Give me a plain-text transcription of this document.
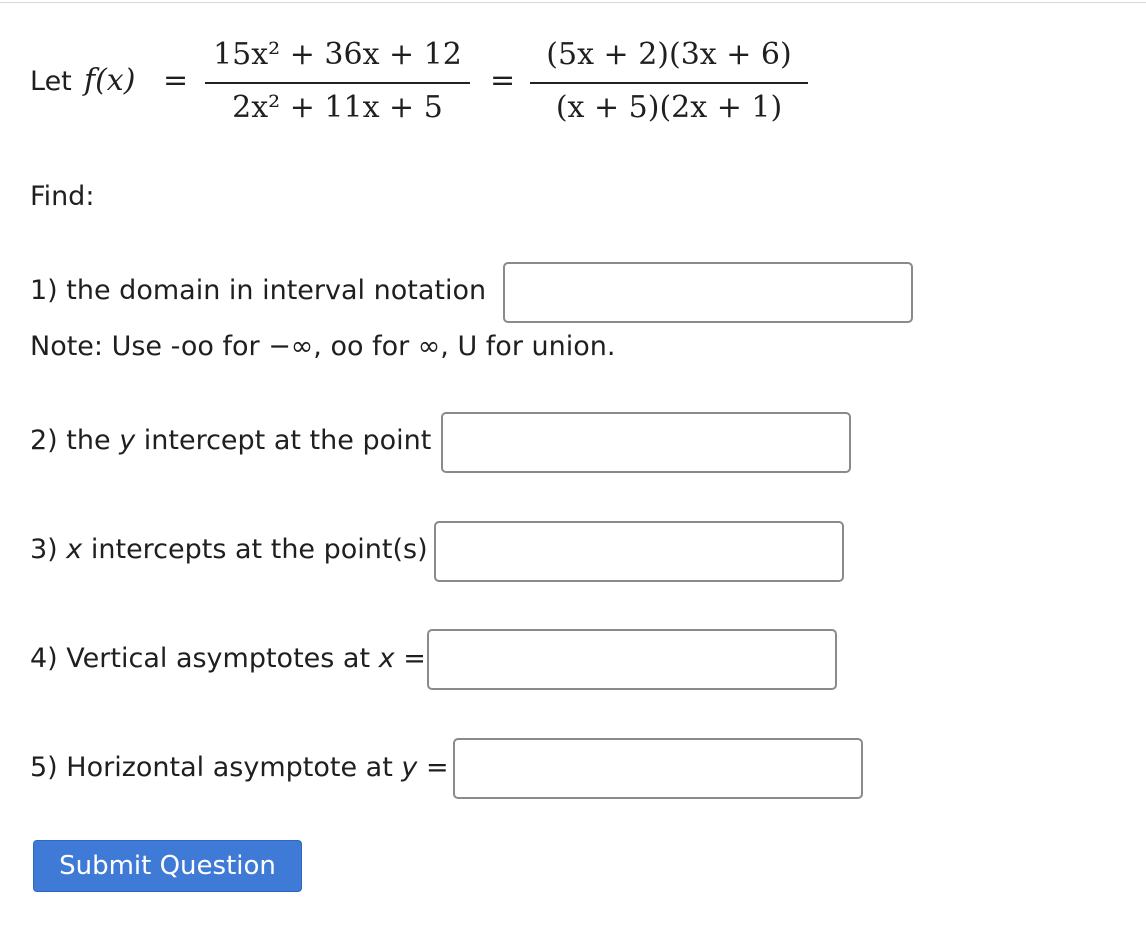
Let f(x) =
15x² + 36x + 12
2x² + 11x + 5
=
(5x + 2)(3x + 6)
(x + 5)(2x + 1)
Find:
1) the domain in interval notation
Note: Use -oo for −∞, oo for ∞, U for union.
2) the y intercept at the point
3) x intercepts at the point(s)
4) Vertical asymptotes at x =
5) Horizontal asymptote at y =
Submit Question
